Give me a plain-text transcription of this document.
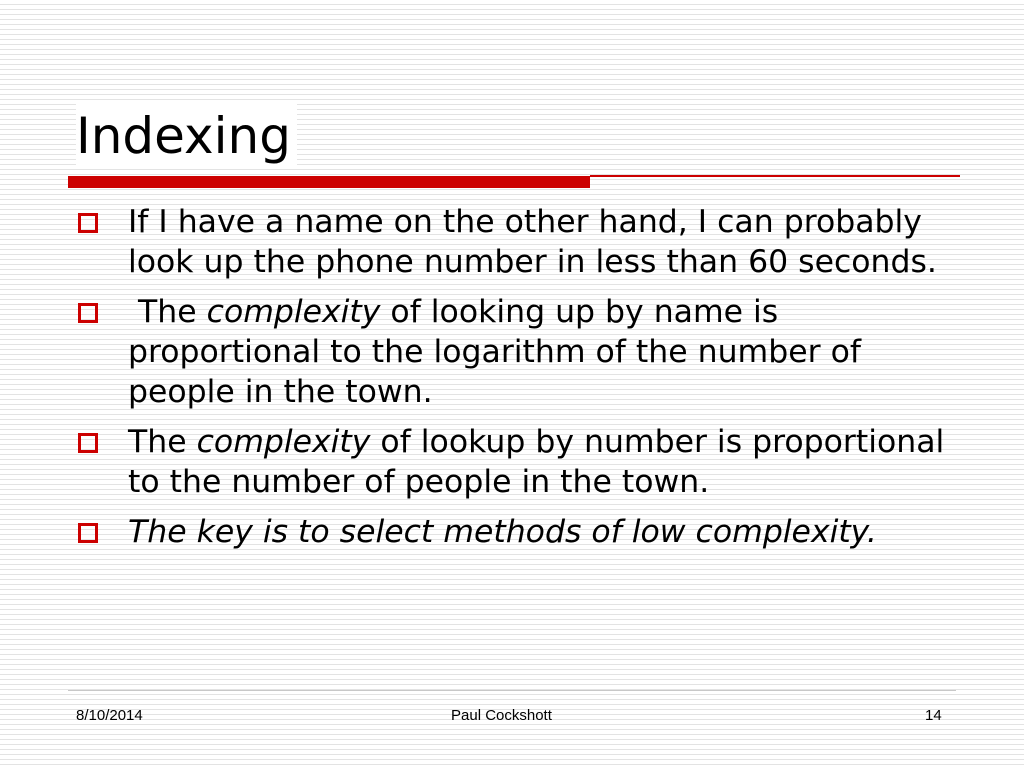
Indexing
If I have a name on the other hand, I can probably look up the phone number in less than 60 seconds.
The complexity of looking up by name is proportional to the logarithm of the number of people in the town.
The complexity of lookup by number is proportional to the number of people in the town.
The key is to select methods of low complexity.
8/10/2014	Paul Cockshott	14
